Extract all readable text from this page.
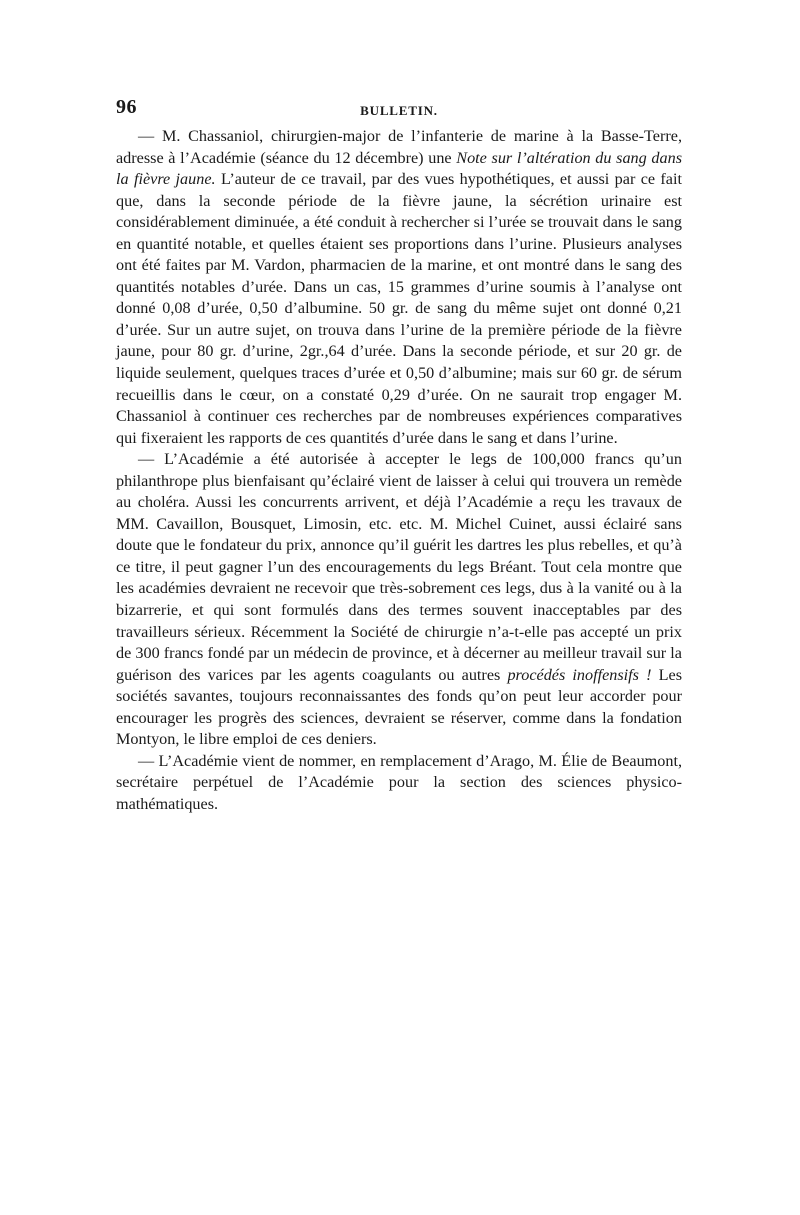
96	BULLETIN.

— M. Chassaniol, chirurgien-major de l’infanterie de marine à la Basse-Terre, adresse à l’Académie (séance du 12 décembre) une Note sur l’altération du sang dans la fièvre jaune. L’auteur de ce travail, par des vues hypothétiques, et aussi par ce fait que, dans la seconde période de la fièvre jaune, la sécrétion urinaire est considérablement diminuée, a été conduit à rechercher si l’urée se trouvait dans le sang en quantité notable, et quelles étaient ses proportions dans l’urine. Plusieurs analyses ont été faites par M. Vardon, pharmacien de la marine, et ont montré dans le sang des quantités notables d’urée. Dans un cas, 15 grammes d’urine soumis à l’analyse ont donné 0,08 d’urée, 0,50 d’albumine. 50 gr. de sang du même sujet ont donné 0,21 d’urée. Sur un autre sujet, on trouva dans l’urine de la première période de la fièvre jaune, pour 80 gr. d’urine, 2gr.,64 d’urée. Dans la seconde période, et sur 20 gr. de liquide seulement, quelques traces d’urée et 0,50 d’albumine; mais sur 60 gr. de sérum recueillis dans le cœur, on a constaté 0,29 d’urée. On ne saurait trop engager M. Chassaniol à continuer ces recherches par de nombreuses expériences comparatives qui fixeraient les rapports de ces quantités d’urée dans le sang et dans l’urine.

— L’Académie a été autorisée à accepter le legs de 100,000 francs qu’un philanthrope plus bienfaisant qu’éclairé vient de laisser à celui qui trouvera un remède au choléra. Aussi les concurrents arrivent, et déjà l’Académie a reçu les travaux de MM. Cavaillon, Bousquet, Limosin, etc. etc. M. Michel Cuinet, aussi éclairé sans doute que le fondateur du prix, annonce qu’il guérit les dartres les plus rebelles, et qu’à ce titre, il peut gagner l’un des encouragements du legs Bréant. Tout cela montre que les académies devraient ne recevoir que très-sobrement ces legs, dus à la vanité ou à la bizarrerie, et qui sont formulés dans des termes souvent inacceptables par des travailleurs sérieux. Récemment la Société de chirurgie n’a-t-elle pas accepté un prix de 300 francs fondé par un médecin de province, et à décerner au meilleur travail sur la guérison des varices par les agents coagulants ou autres procédés inoffensifs ! Les sociétés savantes, toujours reconnaissantes des fonds qu’on peut leur accorder pour encourager les progrès des sciences, devraient se réserver, comme dans la fondation Montyon, le libre emploi de ces deniers.

— L’Académie vient de nommer, en remplacement d’Arago, M. Élie de Beaumont, secrétaire perpétuel de l’Académie pour la section des sciences physico-mathématiques.
